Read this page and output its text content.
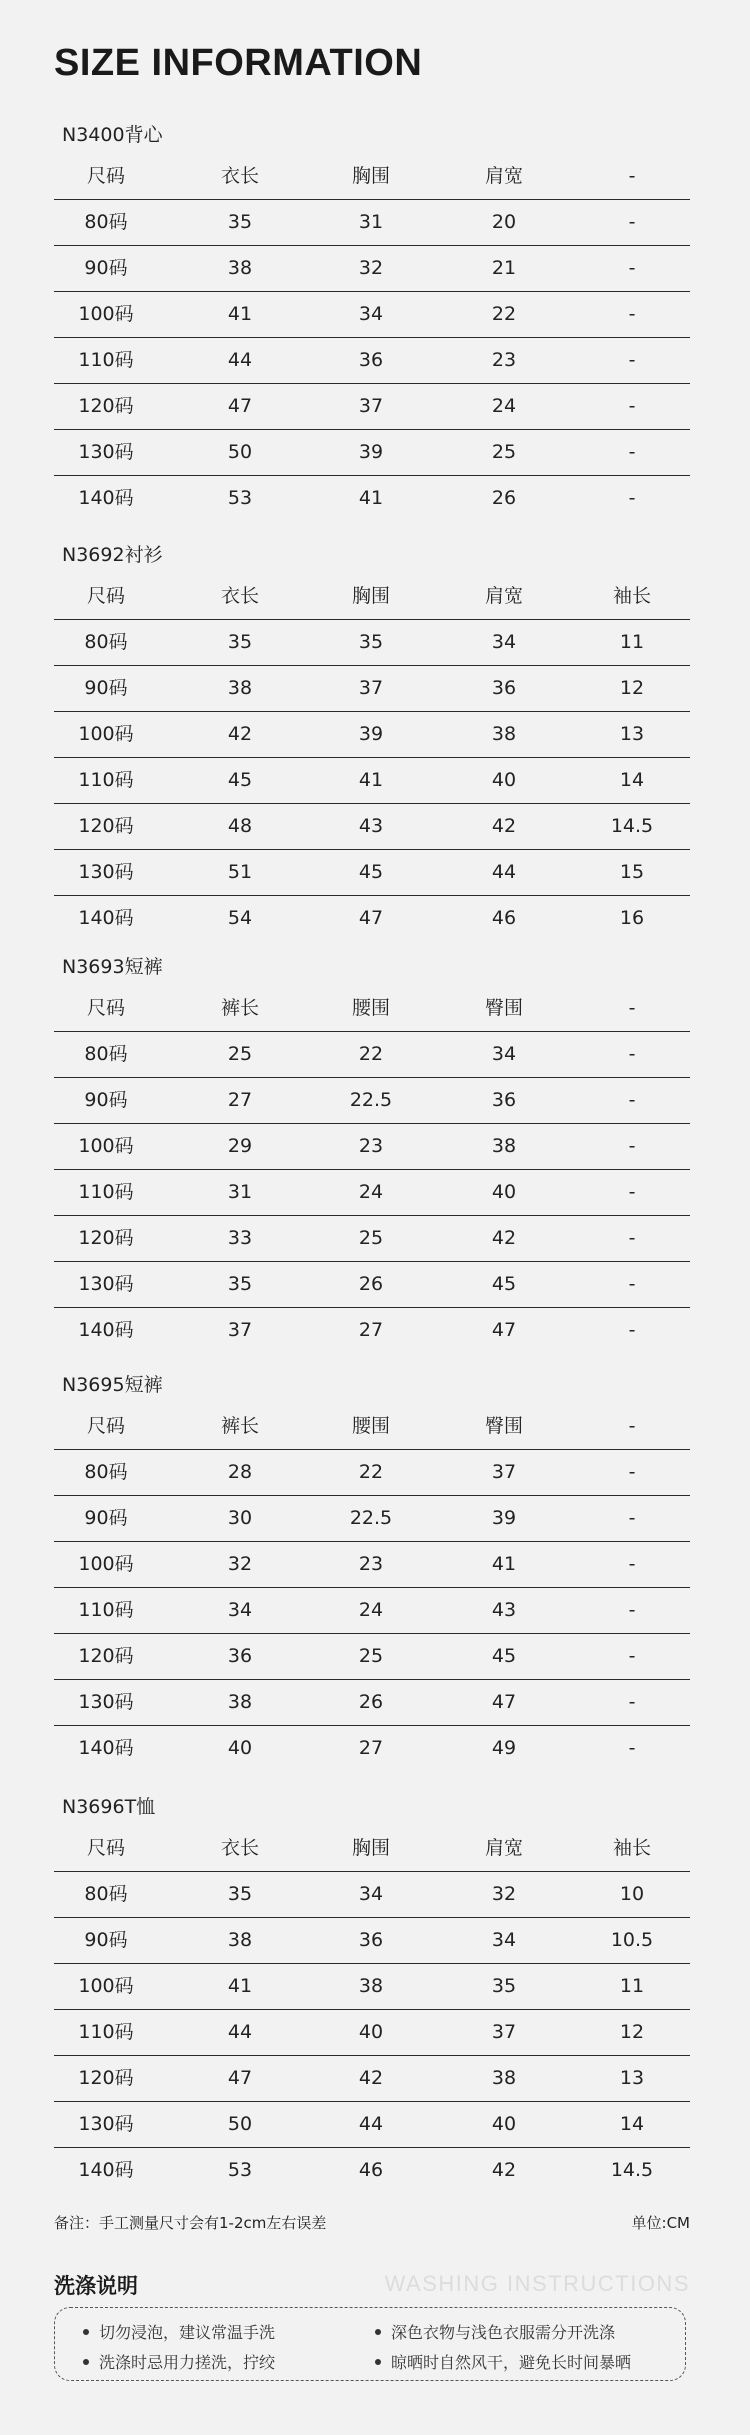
SIZE INFORMATION
N3400背心
尺码	衣长	胸围	肩宽	-
80码	35	31	20	-
90码	38	32	21	-
100码	41	34	22	-
110码	44	36	23	-
120码	47	37	24	-
130码	50	39	25	-
140码	53	41	26	-
N3692衬衫
尺码	衣长	胸围	肩宽	袖长
80码	35	35	34	11
90码	38	37	36	12
100码	42	39	38	13
110码	45	41	40	14
120码	48	43	42	14.5
130码	51	45	44	15
140码	54	47	46	16
N3693短裤
尺码	裤长	腰围	臀围	-
80码	25	22	34	-
90码	27	22.5	36	-
100码	29	23	38	-
110码	31	24	40	-
120码	33	25	42	-
130码	35	26	45	-
140码	37	27	47	-
N3695短裤
尺码	裤长	腰围	臀围	-
80码	28	22	37	-
90码	30	22.5	39	-
100码	32	23	41	-
110码	34	24	43	-
120码	36	25	45	-
130码	38	26	47	-
140码	40	27	49	-
N3696T恤
尺码	衣长	胸围	肩宽	袖长
80码	35	34	32	10
90码	38	36	34	10.5
100码	41	38	35	11
110码	44	40	37	12
120码	47	42	38	13
130码	50	44	40	14
140码	53	46	42	14.5
备注：手工测量尺寸会有1-2cm左右误差	单位:CM
洗涤说明	WASHING INSTRUCTIONS
切勿浸泡，建议常温手洗	深色衣物与浅色衣服需分开洗涤
洗涤时忌用力搓洗，拧绞	晾晒时自然风干，避免长时间暴晒
